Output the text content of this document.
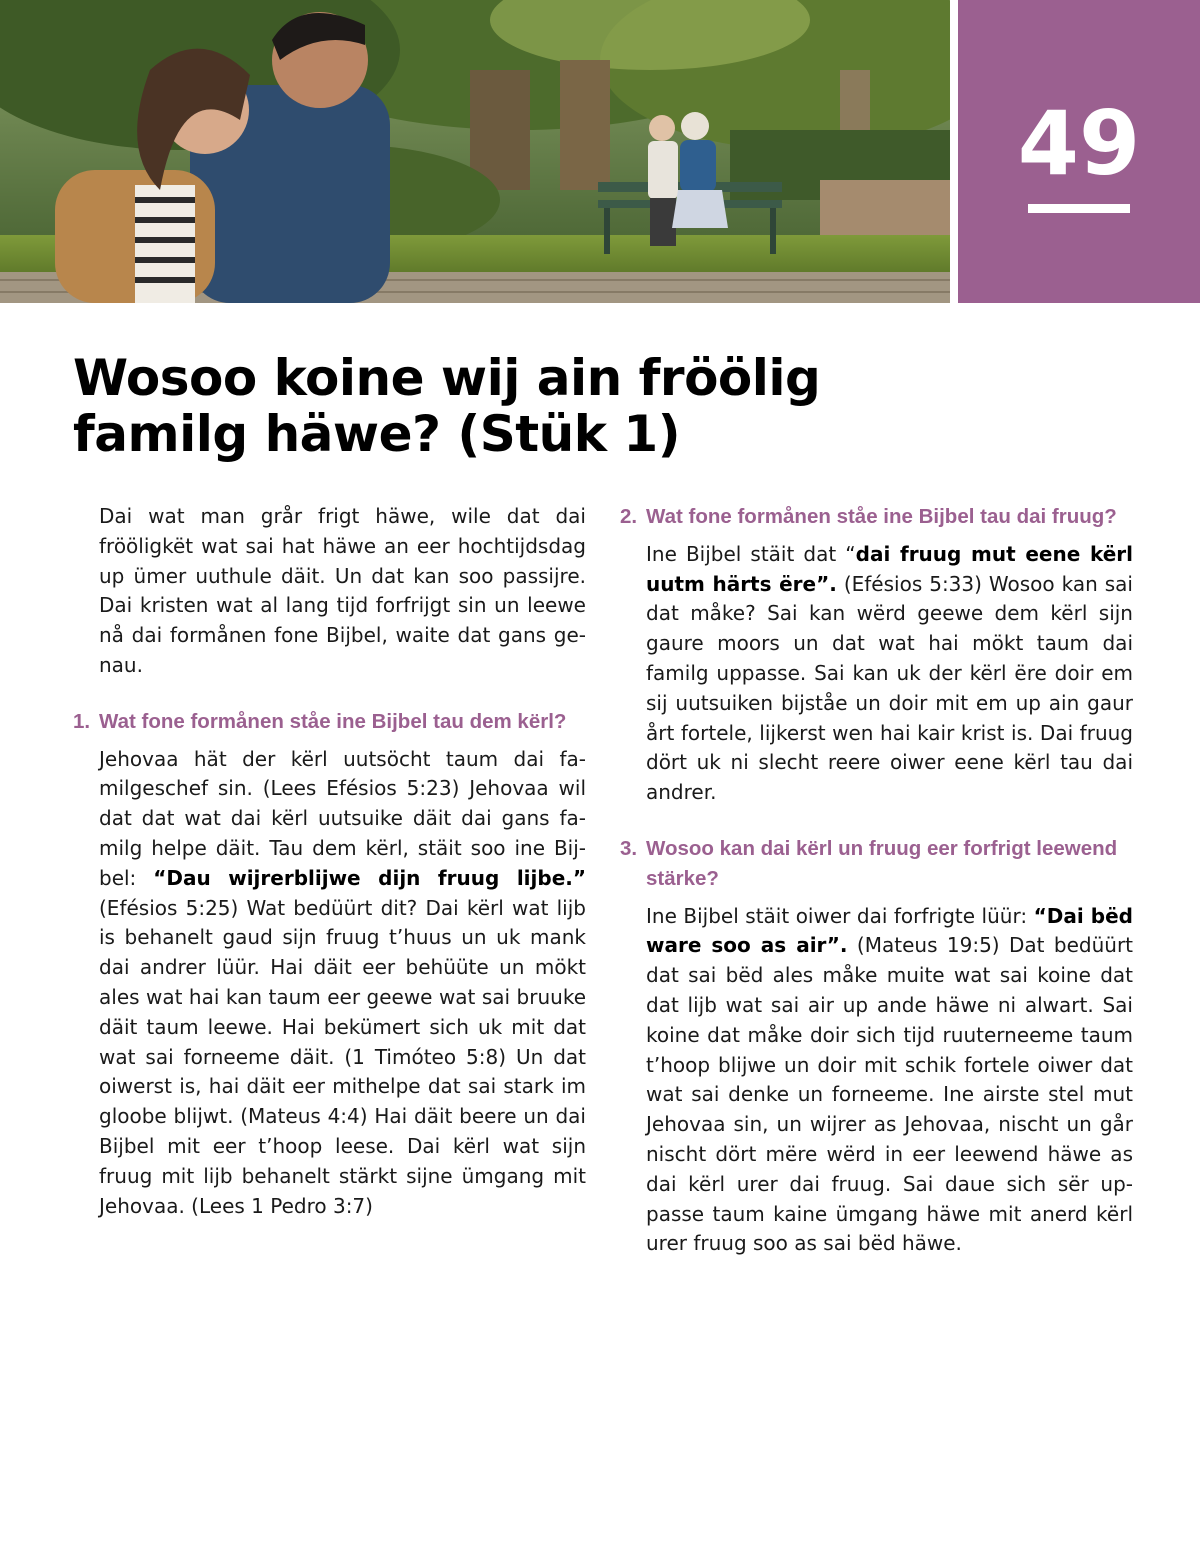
49
Wosoo koine wij ain fröölig
familg häwe? (Stük 1)

Dai wat man grår frigt häwe, wile dat dai frööligkët wat sai hat häwe an eer hochtijdsdag up ümer uuthule däit. Un dat kan soo passijre. Dai kristen wat al lang tijd forfrijgt sin un leewe nå dai formånen fone Bijbel, waite dat gans genau.

1. Wat fone formånen ståe ine Bijbel tau dem kërl?

Jehovaa hät der kërl uutsöcht taum dai familgeschef sin. (Lees Efésios 5:23) Jehovaa wil dat dat wat dai kërl uutsuike däit dai gans familg helpe däit. Tau dem kërl, stäit soo ine Bijbel: “Dau wijrerblijwe dijn fruug lijbe.” (Efésios 5:25) Wat bedüürt dit? Dai kërl wat lijb is behanelt gaud sijn fruug t’huus un uk mank dai andrer lüür. Hai däit eer behüüte un mökt ales wat hai kan taum eer geewe wat sai bruuke däit taum leewe. Hai bekümert sich uk mit dat wat sai forneeme däit. (1 Timóteo 5:8) Un dat oiwerst is, hai däit eer mithelpe dat sai stark im gloobe blijwt. (Mateus 4:4) Hai däit beere un dai Bijbel mit eer t’hoop leese. Dai kërl wat sijn fruug mit lijb behanelt stärkt sijne ümgang mit Jehovaa. (Lees 1 Pedro 3:7)

2. Wat fone formånen ståe ine Bijbel tau dai fruug?

Ine Bijbel stäit dat “dai fruug mut eene kërl uutm härts ëre”. (Efésios 5:33) Wosoo kan sai dat måke? Sai kan wërd geewe dem kërl sijn gaure moors un dat wat hai mökt taum dai familg uppasse. Sai kan uk der kërl ëre doir em sij uutsuiken bijståe un doir mit em up ain gaur årt fortele, lijkerst wen hai kair krist is. Dai fruug dört uk ni slecht reere oiwer eene kërl tau dai andrer.

3. Wosoo kan dai kërl un fruug eer forfrigt leewend stärke?

Ine Bijbel stäit oiwer dai forfrigte lüür: “Dai bëd ware soo as air”. (Mateus 19:5) Dat bedüürt dat sai bëd ales måke muite wat sai koine dat dat lijb wat sai air up ande häwe ni alwart. Sai koine dat måke doir sich tijd ruuterneeme taum t’hoop blijwe un doir mit schik fortele oiwer dat wat sai denke un forneeme. Ine airste stel mut Jehovaa sin, un wijrer as Jehovaa, nischt un går nischt dört mëre wërd in eer leewend häwe as dai kërl urer dai fruug. Sai daue sich sër uppasse taum kaine ümgang häwe mit anerd kërl urer fruug soo as sai bëd häwe.
